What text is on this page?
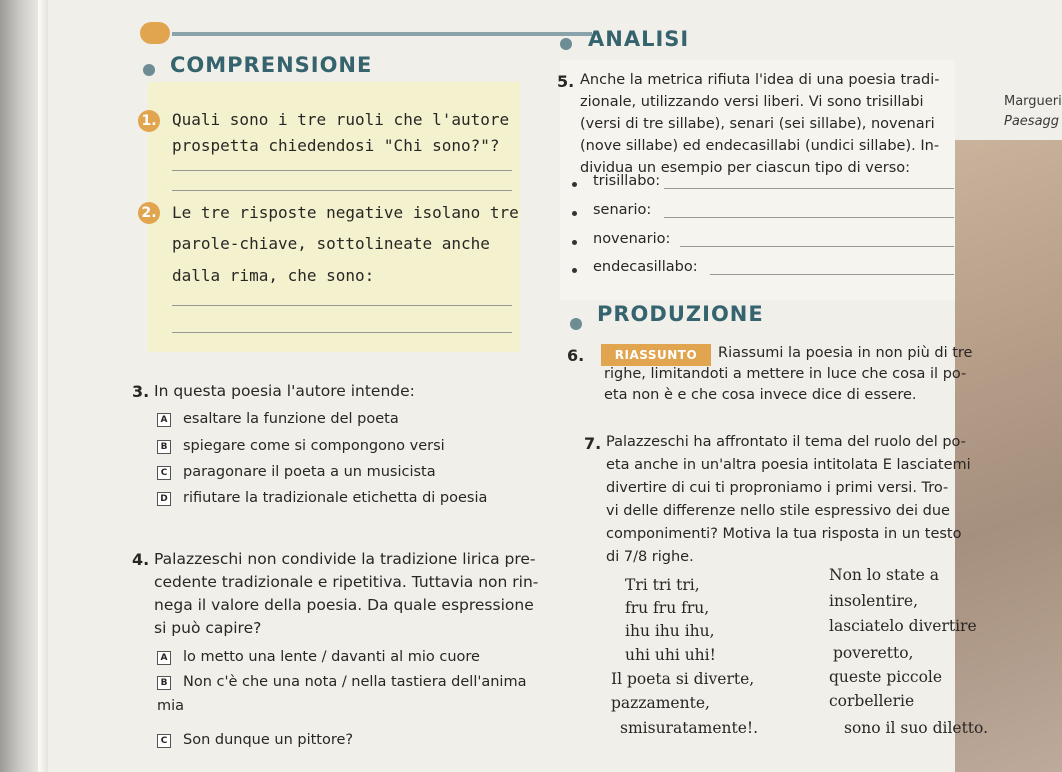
Margueri
Paesagg
COMPRENSIONE
1. Quali sono i tre ruoli che l'autore
prospetta chiedendosi "Chi sono?"?
2. Le tre risposte negative isolano tre
parole-chiave, sottolineate anche
dalla rima, che sono:
3. In questa poesia l'autore intende:
A esaltare la funzione del poeta
B spiegare come si compongono versi
C paragonare il poeta a un musicista
D rifiutare la tradizionale etichetta di poesia
4. Palazzeschi non condivide la tradizione lirica pre-
cedente tradizionale e ripetitiva. Tuttavia non rin-
nega il valore della poesia. Da quale espressione
si può capire?
A lo metto una lente / davanti al mio cuore
B Non c'è che una nota / nella tastiera dell'anima
mia
C Son dunque un pittore?
ANALISI
5. Anche la metrica rifiuta l'idea di una poesia tradi-
zionale, utilizzando versi liberi. Vi sono trisillabi
(versi di tre sillabe), senari (sei sillabe), novenari
(nove sillabe) ed endecasillabi (undici sillabe). In-
dividua un esempio per ciascun tipo di verso:
trisillabo:
senario:
novenario:
endecasillabo:
PRODUZIONE
6.	RIASSUNTO	Riassumi la poesia in non più di tre
righe, limitandoti a mettere in luce che cosa il po-
eta non è e che cosa invece dice di essere.
7. Palazzeschi ha affrontato il tema del ruolo del po-
eta anche in un'altra poesia intitolata E lasciatemi
divertire di cui ti proproniamo i primi versi. Tro-
vi delle differenze nello stile espressivo dei due
componimenti? Motiva la tua risposta in un testo
di 7/8 righe.
Tri tri tri,
fru fru fru,
ihu ihu ihu,
uhi uhi uhi!
Il poeta si diverte,
pazzamente,
smisuratamente!.
Non lo state a
insolentire,
lasciatelo divertire
poveretto,
queste piccole
corbellerie
sono il suo diletto.
